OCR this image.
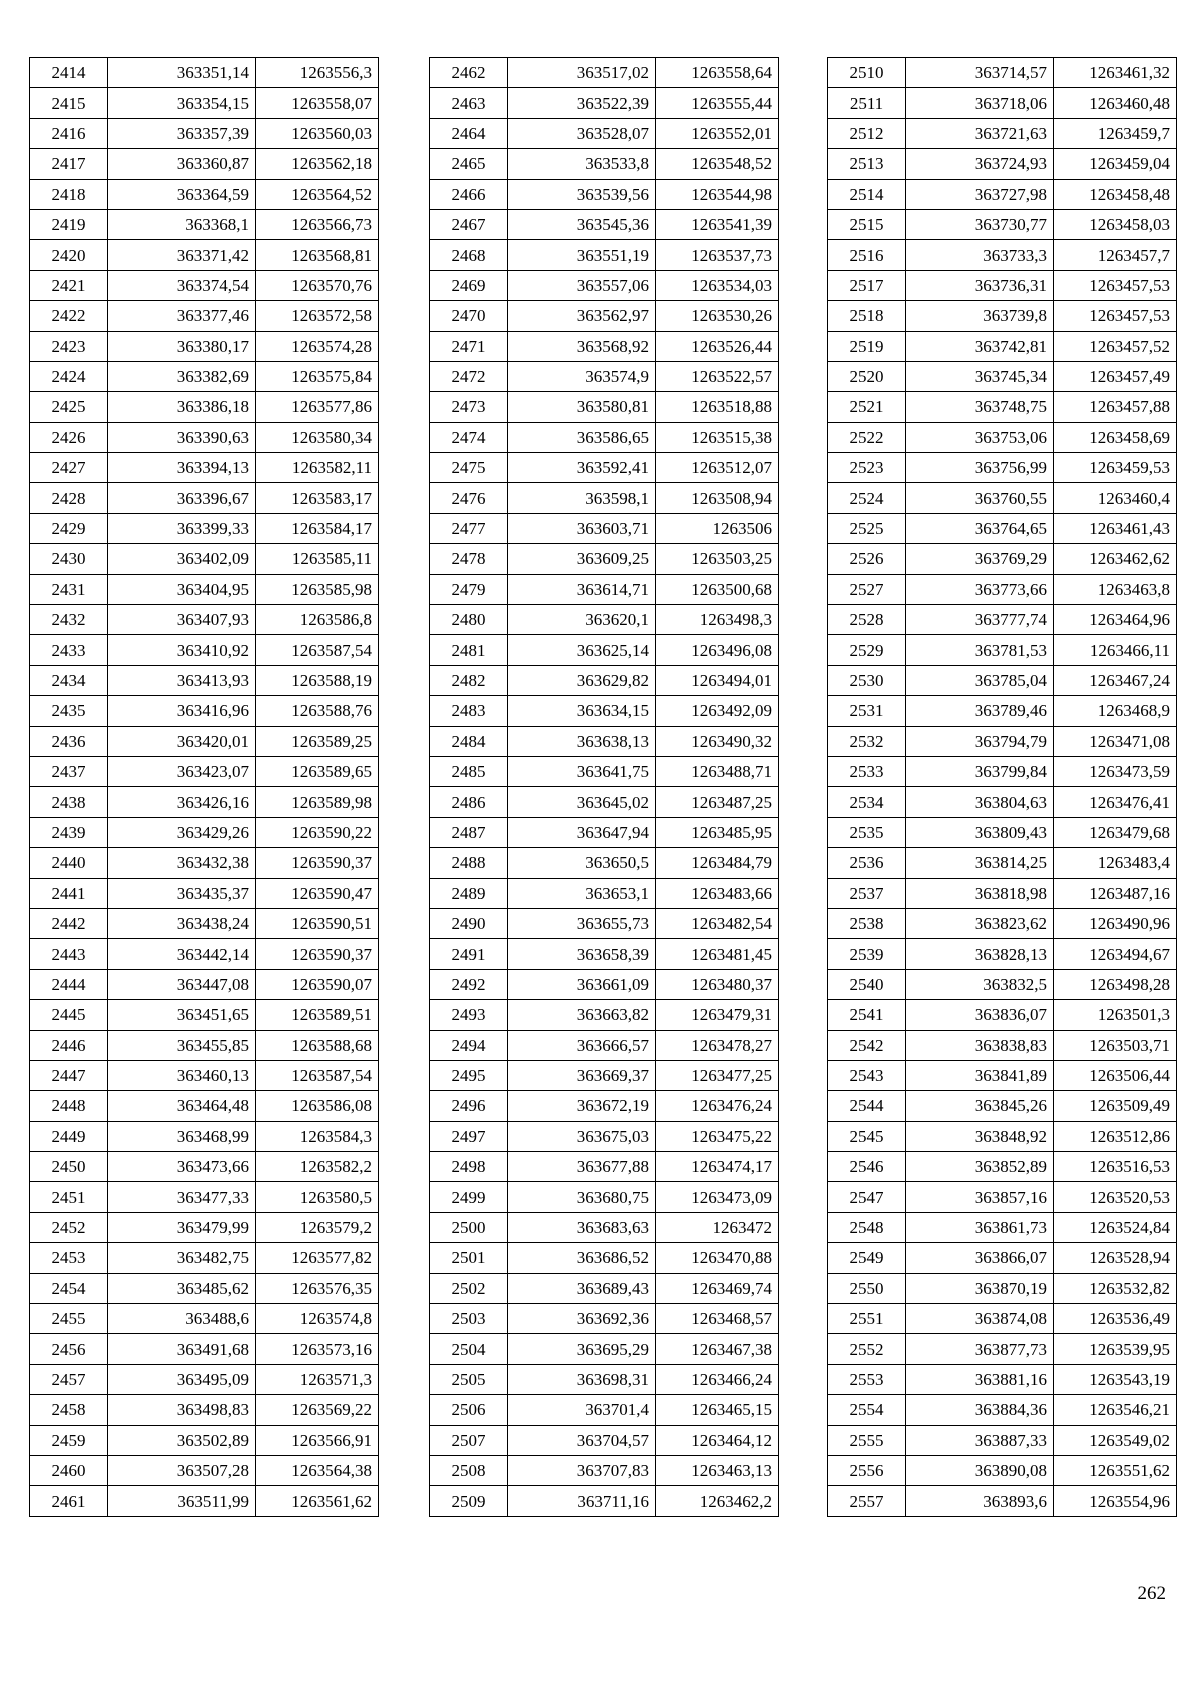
2414	363351,14	1263556,3
2415	363354,15	1263558,07
2416	363357,39	1263560,03
2417	363360,87	1263562,18
2418	363364,59	1263564,52
2419	363368,1	1263566,73
2420	363371,42	1263568,81
2421	363374,54	1263570,76
2422	363377,46	1263572,58
2423	363380,17	1263574,28
2424	363382,69	1263575,84
2425	363386,18	1263577,86
2426	363390,63	1263580,34
2427	363394,13	1263582,11
2428	363396,67	1263583,17
2429	363399,33	1263584,17
2430	363402,09	1263585,11
2431	363404,95	1263585,98
2432	363407,93	1263586,8
2433	363410,92	1263587,54
2434	363413,93	1263588,19
2435	363416,96	1263588,76
2436	363420,01	1263589,25
2437	363423,07	1263589,65
2438	363426,16	1263589,98
2439	363429,26	1263590,22
2440	363432,38	1263590,37
2441	363435,37	1263590,47
2442	363438,24	1263590,51
2443	363442,14	1263590,37
2444	363447,08	1263590,07
2445	363451,65	1263589,51
2446	363455,85	1263588,68
2447	363460,13	1263587,54
2448	363464,48	1263586,08
2449	363468,99	1263584,3
2450	363473,66	1263582,2
2451	363477,33	1263580,5
2452	363479,99	1263579,2
2453	363482,75	1263577,82
2454	363485,62	1263576,35
2455	363488,6	1263574,8
2456	363491,68	1263573,16
2457	363495,09	1263571,3
2458	363498,83	1263569,22
2459	363502,89	1263566,91
2460	363507,28	1263564,38
2461	363511,99	1263561,62
2462	363517,02	1263558,64
2463	363522,39	1263555,44
2464	363528,07	1263552,01
2465	363533,8	1263548,52
2466	363539,56	1263544,98
2467	363545,36	1263541,39
2468	363551,19	1263537,73
2469	363557,06	1263534,03
2470	363562,97	1263530,26
2471	363568,92	1263526,44
2472	363574,9	1263522,57
2473	363580,81	1263518,88
2474	363586,65	1263515,38
2475	363592,41	1263512,07
2476	363598,1	1263508,94
2477	363603,71	1263506
2478	363609,25	1263503,25
2479	363614,71	1263500,68
2480	363620,1	1263498,3
2481	363625,14	1263496,08
2482	363629,82	1263494,01
2483	363634,15	1263492,09
2484	363638,13	1263490,32
2485	363641,75	1263488,71
2486	363645,02	1263487,25
2487	363647,94	1263485,95
2488	363650,5	1263484,79
2489	363653,1	1263483,66
2490	363655,73	1263482,54
2491	363658,39	1263481,45
2492	363661,09	1263480,37
2493	363663,82	1263479,31
2494	363666,57	1263478,27
2495	363669,37	1263477,25
2496	363672,19	1263476,24
2497	363675,03	1263475,22
2498	363677,88	1263474,17
2499	363680,75	1263473,09
2500	363683,63	1263472
2501	363686,52	1263470,88
2502	363689,43	1263469,74
2503	363692,36	1263468,57
2504	363695,29	1263467,38
2505	363698,31	1263466,24
2506	363701,4	1263465,15
2507	363704,57	1263464,12
2508	363707,83	1263463,13
2509	363711,16	1263462,2
2510	363714,57	1263461,32
2511	363718,06	1263460,48
2512	363721,63	1263459,7
2513	363724,93	1263459,04
2514	363727,98	1263458,48
2515	363730,77	1263458,03
2516	363733,3	1263457,7
2517	363736,31	1263457,53
2518	363739,8	1263457,53
2519	363742,81	1263457,52
2520	363745,34	1263457,49
2521	363748,75	1263457,88
2522	363753,06	1263458,69
2523	363756,99	1263459,53
2524	363760,55	1263460,4
2525	363764,65	1263461,43
2526	363769,29	1263462,62
2527	363773,66	1263463,8
2528	363777,74	1263464,96
2529	363781,53	1263466,11
2530	363785,04	1263467,24
2531	363789,46	1263468,9
2532	363794,79	1263471,08
2533	363799,84	1263473,59
2534	363804,63	1263476,41
2535	363809,43	1263479,68
2536	363814,25	1263483,4
2537	363818,98	1263487,16
2538	363823,62	1263490,96
2539	363828,13	1263494,67
2540	363832,5	1263498,28
2541	363836,07	1263501,3
2542	363838,83	1263503,71
2543	363841,89	1263506,44
2544	363845,26	1263509,49
2545	363848,92	1263512,86
2546	363852,89	1263516,53
2547	363857,16	1263520,53
2548	363861,73	1263524,84
2549	363866,07	1263528,94
2550	363870,19	1263532,82
2551	363874,08	1263536,49
2552	363877,73	1263539,95
2553	363881,16	1263543,19
2554	363884,36	1263546,21
2555	363887,33	1263549,02
2556	363890,08	1263551,62
2557	363893,6	1263554,96
262
